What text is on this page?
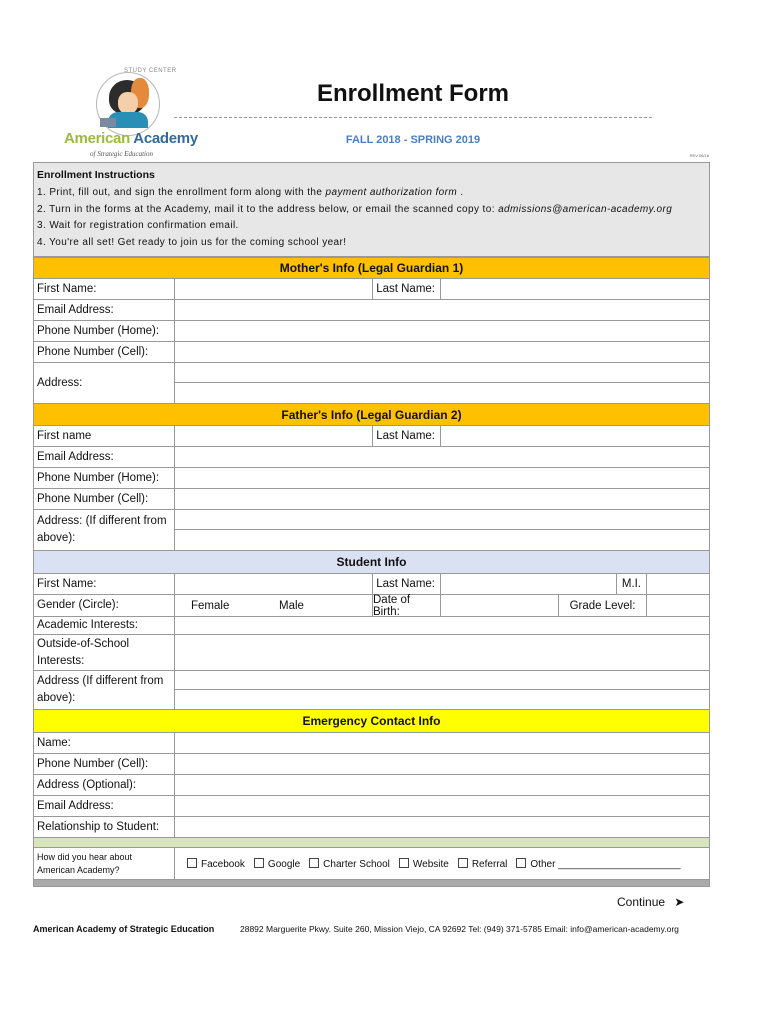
STUDY CENTER
American Academy
of Strategic Education
Enrollment Form
FALL 2018 - SPRING 2019
REV 06/18
Enrollment Instructions
1. Print, fill out, and sign the enrollment form along with the payment authorization form .
2. Turn in the forms at the Academy, mail it to the address below, or email the scanned copy to: admissions@american-academy.org
3. Wait for registration confirmation email.
4. You're all set! Get ready to join us for the coming school year!
Mother's Info (Legal Guardian 1)
First Name:	Last Name:
Email Address:
Phone Number (Home):
Phone Number (Cell):
Address:
Father's Info (Legal Guardian 2)
First name	Last Name:
Email Address:
Phone Number (Home):
Phone Number (Cell):
Address: (If different from above):
Student Info
First Name:	Last Name:	M.I.
Gender (Circle):	Female	Male	Date of Birth:	Grade Level:
Academic Interests:
Outside-of-School Interests:
Address (If different from above):
Emergency Contact Info
Name:
Phone Number (Cell):
Address (Optional):
Email Address:
Relationship to Student:
How did you hear about American Academy?	Facebook	Google	Charter School	Website	Referral	Other ______________________
Continue ➤
American Academy of Strategic Education	28892 Marguerite Pkwy. Suite 260, Mission Viejo, CA 92692 Tel: (949) 371-5785 Email: info@american-academy.org
